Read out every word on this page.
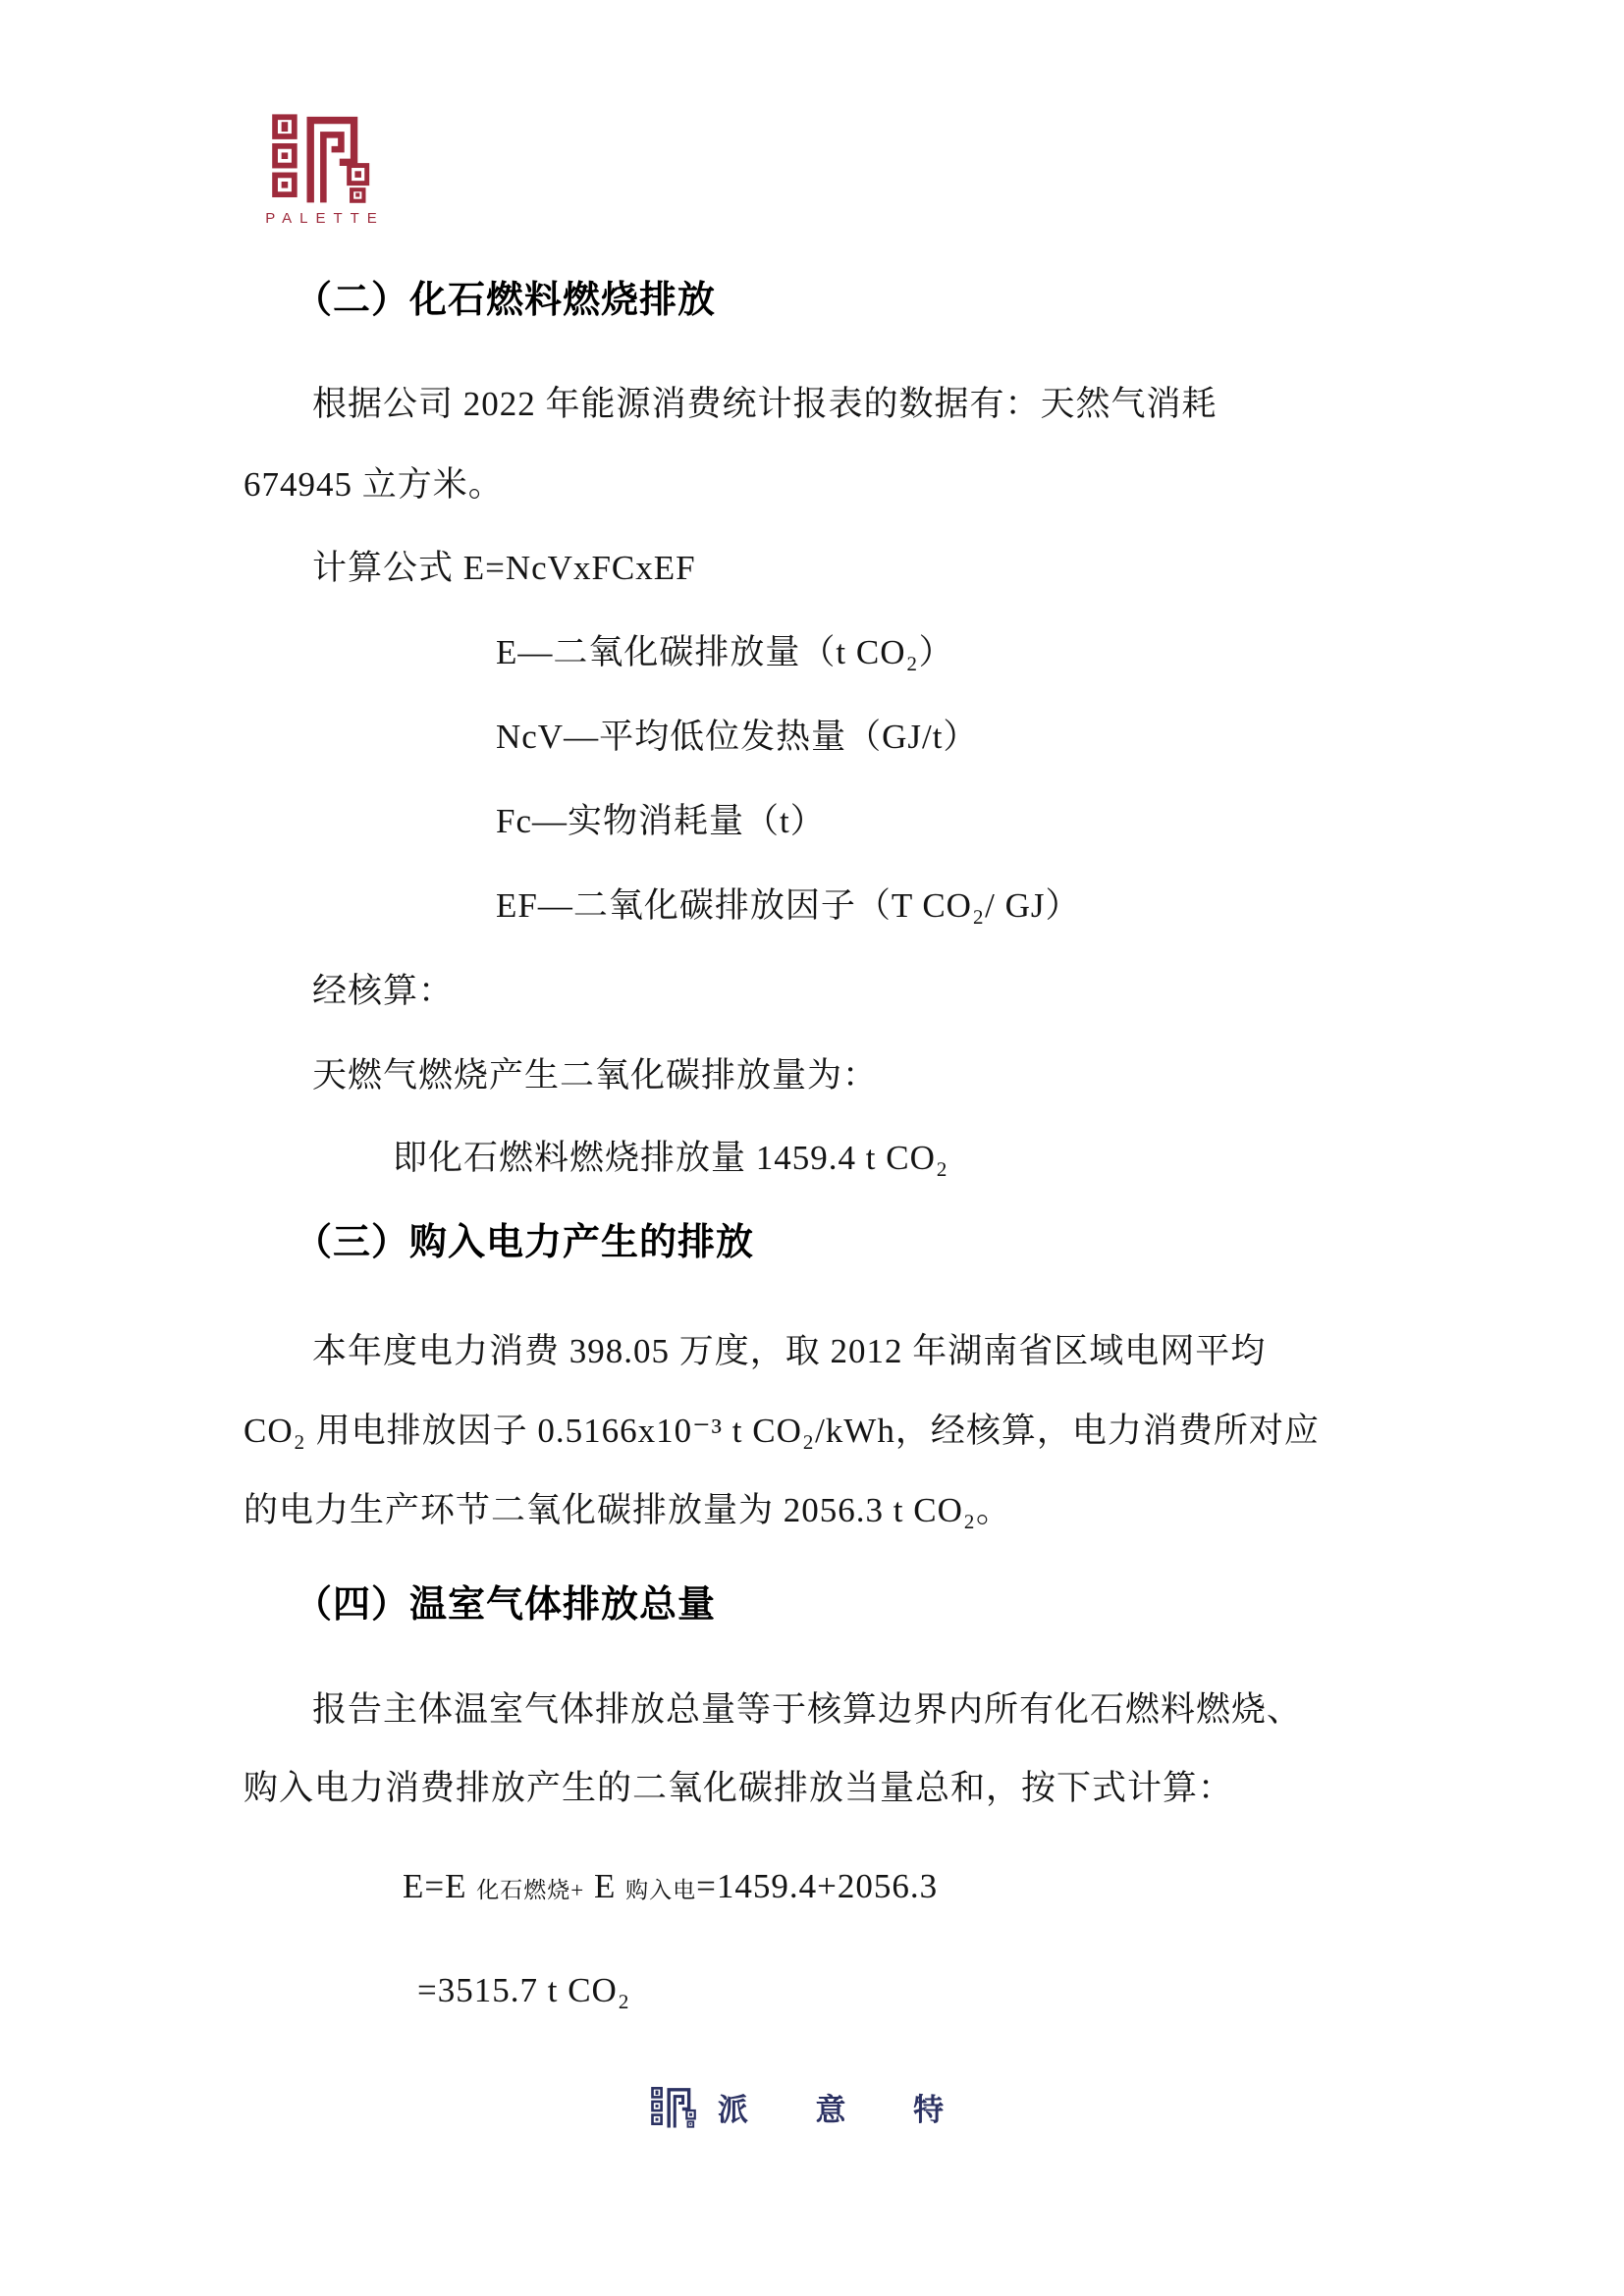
PALETTE
（二）化石燃料燃烧排放
根据公司 2022 年能源消费统计报表的数据有：天然气消耗
674945 立方米。
计算公式 E=NcVxFCxEF
E—二氧化碳排放量（t CO₂）
NcV—平均低位发热量（GJ/t）
Fc—实物消耗量（t）
EF—二氧化碳排放因子（T CO₂/ GJ）
经核算：
天燃气燃烧产生二氧化碳排放量为：
即化石燃料燃烧排放量 1459.4 t CO₂
（三）购入电力产生的排放
本年度电力消费 398.05 万度，取 2012 年湖南省区域电网平均
CO₂ 用电排放因子 0.5166x10⁻³ t CO₂/kWh，经核算，电力消费所对应
的电力生产环节二氧化碳排放量为 2056.3 t CO₂。
（四）温室气体排放总量
报告主体温室气体排放总量等于核算边界内所有化石燃料燃烧、
购入电力消费排放产生的二氧化碳排放当量总和，按下式计算：
E=E 化石燃烧+ E 购入电=1459.4+2056.3
=3515.7 t CO₂
派 意 特
